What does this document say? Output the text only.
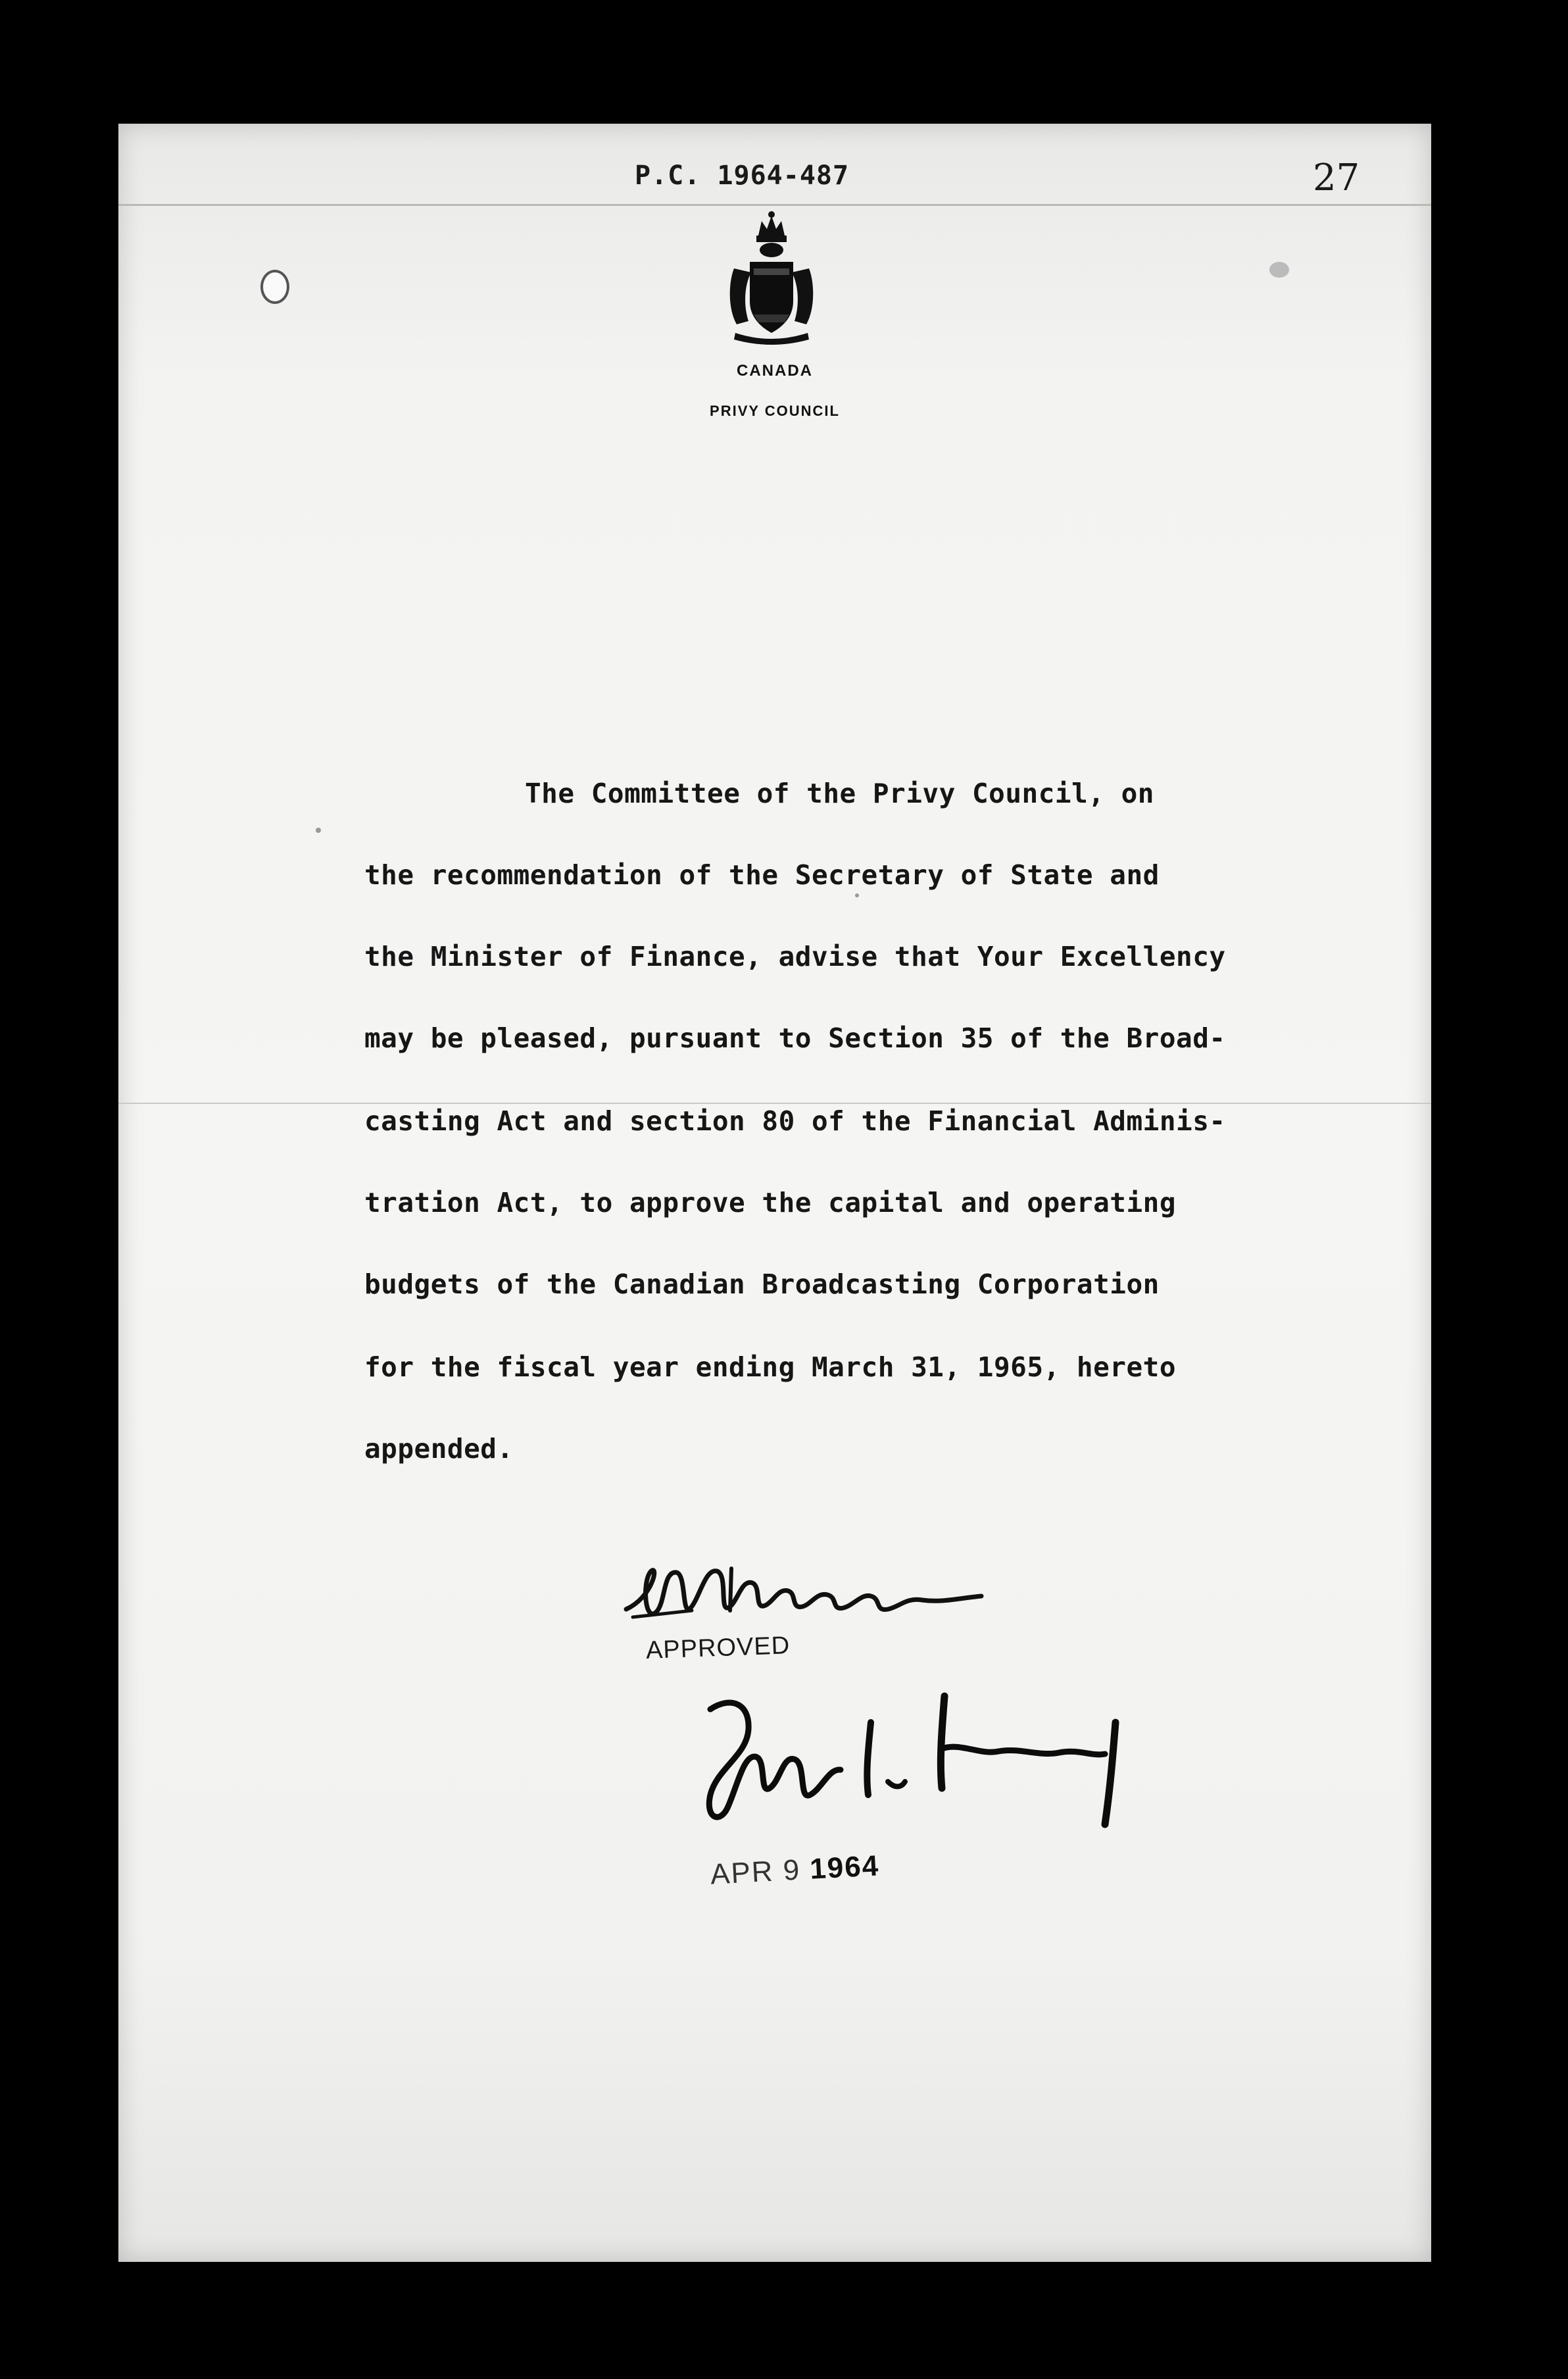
P.C. 1964-487	27
CANADA
PRIVY COUNCIL
The Committee of the Privy Council, on
the recommendation of the Secretary of State and
the Minister of Finance, advise that Your Excellency
may be pleased, pursuant to Section 35 of the Broad-
casting Act and section 80 of the Financial Adminis-
tration Act, to approve the capital and operating
budgets of the Canadian Broadcasting Corporation
for the fiscal year ending March 31, 1965, hereto
appended.
APPROVED
APR 9 1964
